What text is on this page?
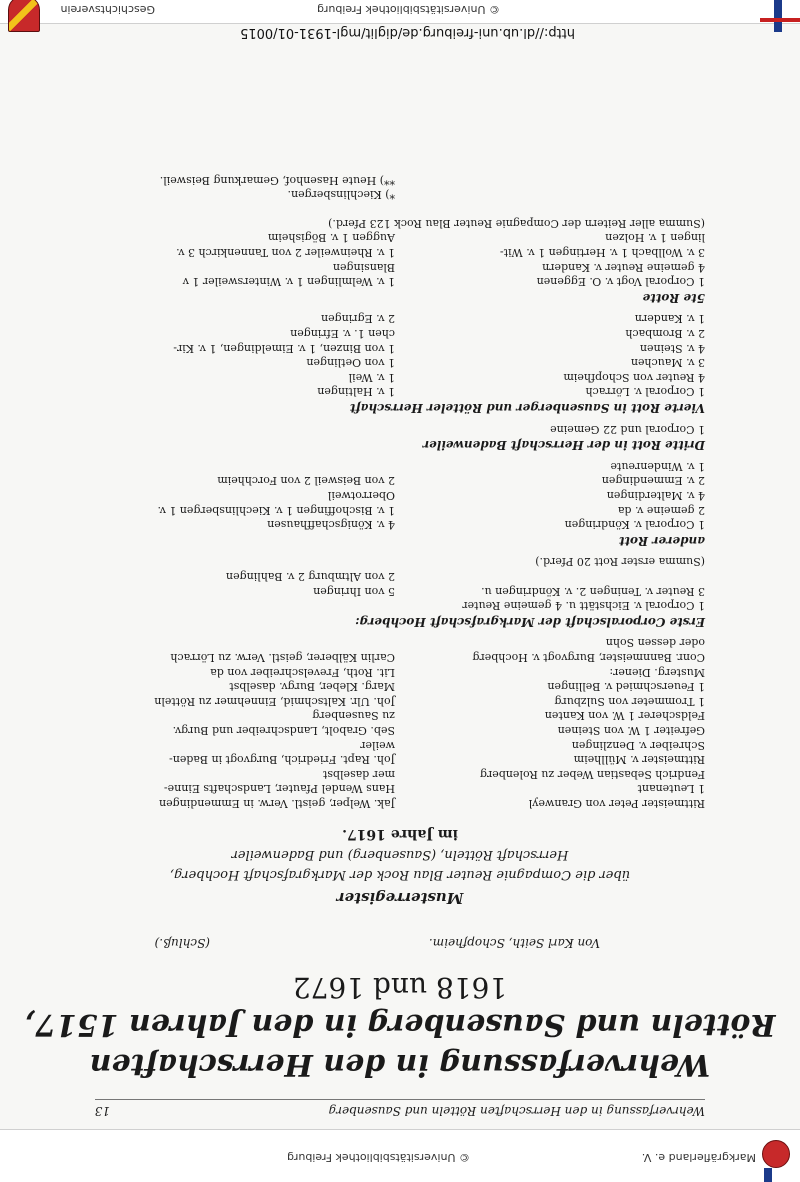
Markgräflerland e. V.
© Universitätsbibliothek Freiburg
Geschichtsverein	© Universitätsbibliothek Freiburg
http://dl.ub.uni-freiburg.de/diglit/mgl-1931-01/0015
Wehrverfassung in den Herrschaften Rötteln und Sausenberg
13
Wehrverfassung in den Herrschaften
Rötteln und Sausenberg in den Jahren 1517,
1618 und 1672
Von Karl Seith, Schopfheim.
(Schluß.)
Musterregister
über die Compagnie Reuter Blau Rock der Markgrafschaft Hochberg,
Herrschaft Rötteln, (Sausenberg) und Badenweiler
im Jahre 1617.
Rittmeister Peter von Granweyl
Jak. Welper, geistl. Verw. in Emmendingen
1 Leutenant
Hans Wendel Pfauter, Landschafts Einne-
Fendrich Sebastian Weber zu Rolenberg
mer daselbst
Rittmeister v. Müllheim
Joh. Rapt. Friedrich, Burgvogt in Baden-
Schreiber v. Denzlingen
weiler
Gefreiter 1 W. von Steinen
Seb. Grabolt, Landschreiber und Burgv.
Feldscherer 1 W. von Kanten
zu Sausenberg
1 Trommeter von Sulzburg
Joh. Ulr. Kaltschmid, Einnehmer zu Rötteln
1 Feuerschmied v. Bellingen
Marg. Kleber, Burgv. daselbst
Musterg. Diener:
Lit. Roth, Frevelschreiber von da
Conr. Bannmeister, Burgvogt v. Hochberg
Carlin Kälberer, geistl. Verw. zu Lörrach
oder dessen Sohn
Erste Corporalschaft der Markgrafschaft Hochberg:
1 Corporal v. Eichstätt u. 4 gemeine Reuter
3 Reuter v. Teningen 2. v. Köndringen u.
5 von Ihringen
2 von Altmburg 2 v. Bahlingen
(Summa erster Rott 20 Pferd.)
anderer Rott
1 Corporal v. Köndringen
4 v. Königschaffhausen
2 gemeine v. da
1 v. Bischoffingen 1 v. Kiechlinsbergen 1 v.
4 v. Malterdingen
Oberrotweil
2 v. Emmendingen
2 von Beisweil 2 von Forchheim
1 v. Windenreute
Dritte Rott in der Herrschaft Badenweiler
1 Corporal und 22 Gemeine
Vierte Rott in Sausenberger und Rötteler Herrschaft
1 Corporal v. Lörrach
1 v. Haltingen
4 Reuter von Schopfheim
1 v. Weil
3 v. Mauchen
1 von Oetlingen
4 v. Steinen
1 von Binzen, 1 v. Eimeldingen, 1 v. Kir-
2 v. Brombach
chen 1. v. Efringen
1 v. Kandern
2 v. Egringen
5te Rotte
1 Corporal Vogt v. O. Eggenen
1 v. Welmlingen 1 v. Wintersweiler 1 v
4 gemeine Reuter v. Kandern
Blansingen
3 v. Wollbach 1 v. Hertingen 1 v. Wit-
1 v. Rheinweiler 2 von Tannenkirch 3 v.
lingen 1 v. Holzen
Auggen 1 v. Bögisheim
(Summa aller Reitern der Compagnie Reuter Blau Rock 123 Pferd.)
*) Kiechlinsbergen.
**) Heute Hasenhof, Gemarkung Beisweil.
